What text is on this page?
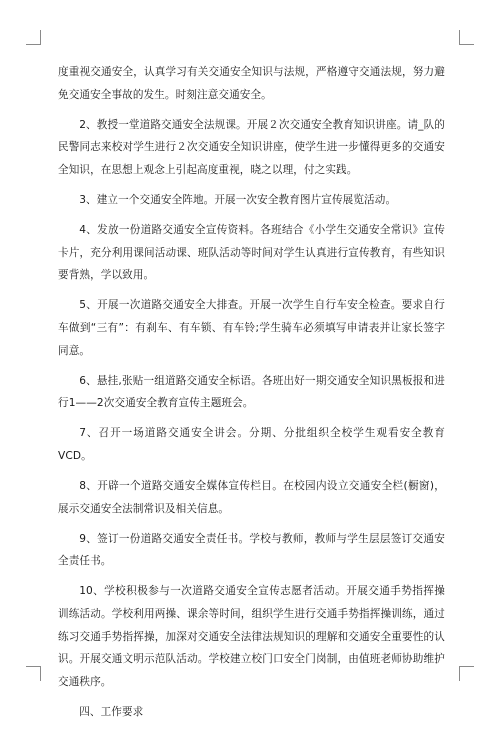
度重视交通安全，认真学习有关交通安全知识与法规，严格遵守交通法规，努力避免交通安全事故的发生。时刻注意交通安全。

2、教授一堂道路交通安全法规课。开展２次交通安全教育知识讲座。请_队的民警同志来校对学生进行２次交通安全知识讲座，使学生进一步懂得更多的交通安全知识，在思想上观念上引起高度重视，晓之以理，付之实践。

3、建立一个交通安全阵地。开展一次安全教育图片宣传展览活动。

4、发放一份道路交通安全宣传资料。各班结合《小学生交通安全常识》宣传卡片，充分利用课间活动课、班队活动等时间对学生认真进行宣传教育，有些知识要背熟，学以致用。

5、开展一次道路交通安全大排查。开展一次学生自行车安全检查。要求自行车做到“三有”：有刹车、有车锁、有车铃;学生骑车必须填写申请表并让家长签字同意。

6、悬挂,张贴一组道路交通安全标语。各班出好一期交通安全知识黑板报和进行1——2次交通安全教育宣传主题班会。

7、召开一场道路交通安全讲会。分期、分批组织全校学生观看安全教育VCD。

8、开辟一个道路交通安全媒体宣传栏目。在校园内设立交通安全栏(橱窗)，展示交通安全法制常识及相关信息。

9、签订一份道路交通安全责任书。学校与教师，教师与学生层层签订交通安全责任书。

10、学校积极参与一次道路交通安全宣传志愿者活动。开展交通手势指挥操训练活动。学校利用两操、课余等时间，组织学生进行交通手势指挥操训练，通过练习交通手势指挥操，加深对交通安全法律法规知识的理解和交通安全重要性的认识。开展交通文明示范队活动。学校建立校门口安全门岗制，由值班老师协助维护交通秩序。

四、工作要求
